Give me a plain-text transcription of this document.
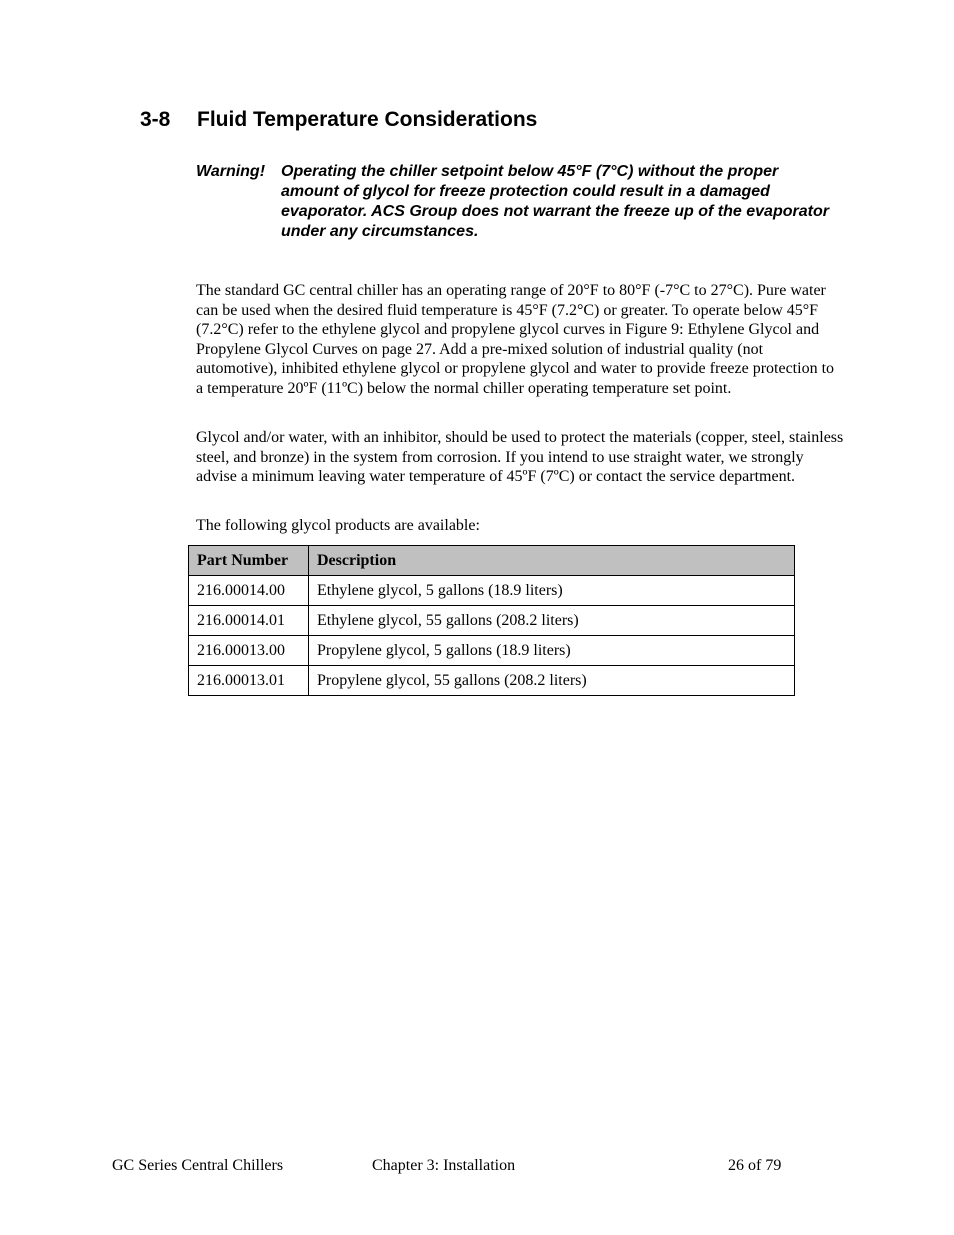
3-8	Fluid Temperature Considerations
Warning! Operating the chiller setpoint below 45°F (7°C) without the proper amount of glycol for freeze protection could result in a damaged evaporator. ACS Group does not warrant the freeze up of the evaporator under any circumstances.

The standard GC central chiller has an operating range of 20°F to 80°F (-7°C to 27°C). Pure water can be used when the desired fluid temperature is 45°F (7.2°C) or greater. To operate below 45°F (7.2°C) refer to the ethylene glycol and propylene glycol curves in Figure 9: Ethylene Glycol and Propylene Glycol Curves on page 27. Add a pre-mixed solution of industrial quality (not automotive), inhibited ethylene glycol or propylene glycol and water to provide freeze protection to a temperature 20ºF (11ºC) below the normal chiller operating temperature set point.

Glycol and/or water, with an inhibitor, should be used to protect the materials (copper, steel, stainless steel, and bronze) in the system from corrosion. If you intend to use straight water, we strongly advise a minimum leaving water temperature of 45ºF (7ºC) or contact the service department.

The following glycol products are available:

Part Number	Description
216.00014.00	Ethylene glycol, 5 gallons (18.9 liters)
216.00014.01	Ethylene glycol, 55 gallons (208.2 liters)
216.00013.00	Propylene glycol, 5 gallons (18.9 liters)
216.00013.01	Propylene glycol, 55 gallons (208.2 liters)
GC Series Central Chillers	Chapter 3: Installation	26 of 79
